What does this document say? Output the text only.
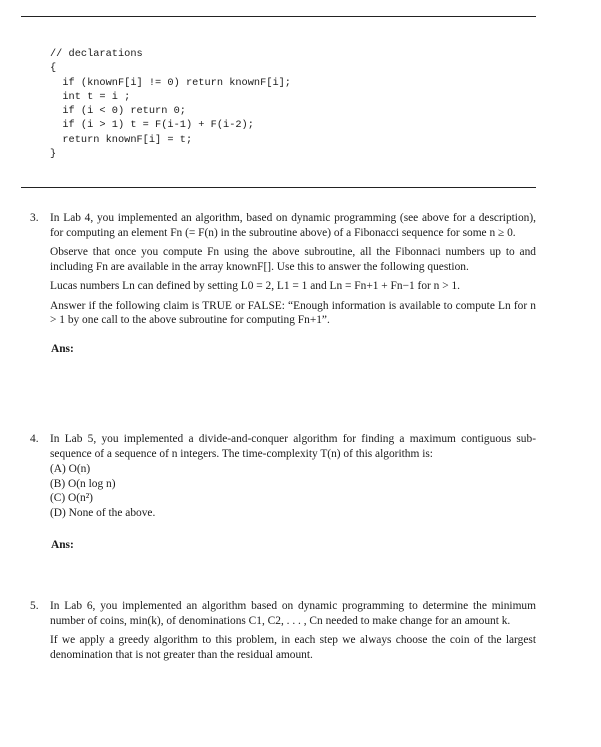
// declarations
{
if (knownF[i] != 0) return knownF[i];
int t = i ;
if (i < 0) return 0;
if (i > 1) t = F(i-1) + F(i-2);
return knownF[i] = t;
}
3. In Lab 4, you implemented an algorithm, based on dynamic programming (see above for a description), for computing an element Fn (= F(n) in the subroutine above) of a Fibonacci sequence for some n ≥ 0.

Observe that once you compute Fn using the above subroutine, all the Fibonnaci numbers up to and including Fn are available in the array knownF[]. Use this to answer the following question.

Lucas numbers Ln can defined by setting L0 = 2, L1 = 1 and Ln = Fn+1 + Fn−1 for n > 1.

Answer if the following claim is TRUE or FALSE: “Enough information is available to compute Ln for n > 1 by one call to the above subroutine for computing Fn+1”.

Ans:
4. In Lab 5, you implemented a divide-and-conquer algorithm for finding a maximum contiguous sub-sequence of a sequence of n integers. The time-complexity T(n) of this algorithm is:

(A) O(n)
(B) O(n log n)
(C) O(n²)
(D) None of the above.
Ans:
5. In Lab 6, you implemented an algorithm based on dynamic programming to determine the minimum number of coins, min(k), of denominations C1, C2, . . . , Cn needed to make change for an amount k.

If we apply a greedy algorithm to this problem, in each step we always choose the coin of the largest denomination that is not greater than the residual amount.
